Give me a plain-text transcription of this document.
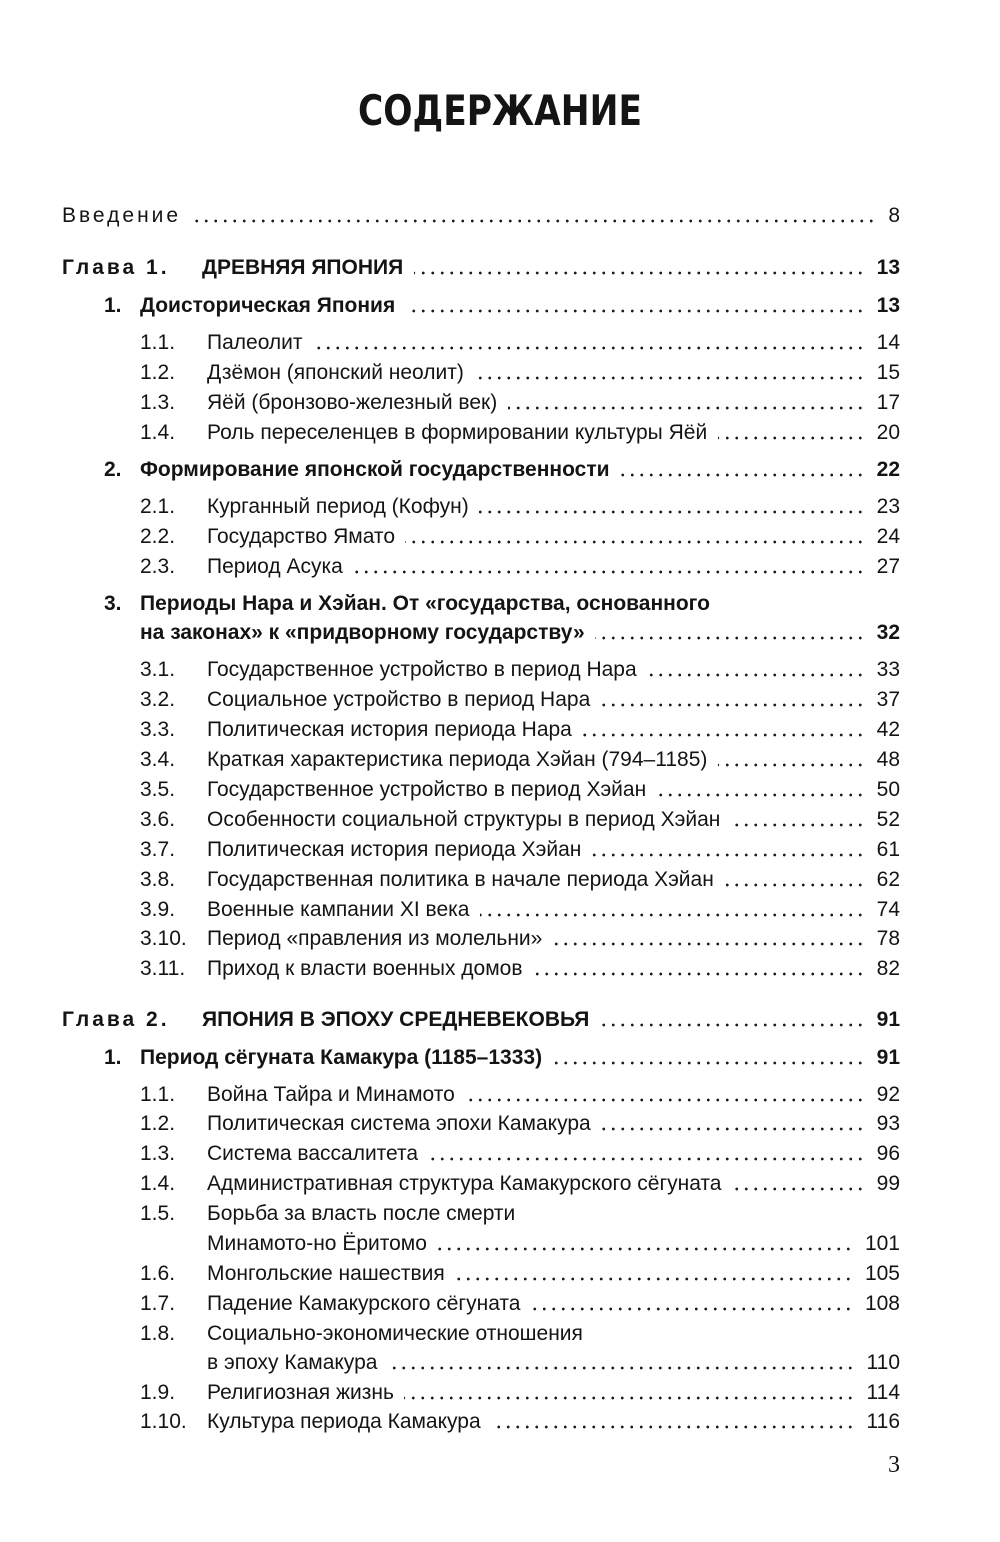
СОДЕРЖАНИЕ
Введение	8
Глава 1. ДРЕВНЯЯ ЯПОНИЯ	13
1. Доисторическая Япония	13
1.1. Палеолит	14
1.2. Дзёмон (японский неолит)	15
1.3. Яёй (бронзово-железный век)	17
1.4. Роль переселенцев в формировании культуры Яёй	20
2. Формирование японской государственности	22
2.1. Курганный период (Кофун)	23
2.2. Государство Ямато	24
2.3. Период Асука	27
3. Периоды Нара и Хэйан. От «государства, основанного
на законах» к «придворному государству»	32
3.1. Государственное устройство в период Нара	33
3.2. Социальное устройство в период Нара	37
3.3. Политическая история периода Нара	42
3.4. Краткая характеристика периода Хэйан (794–1185)	48
3.5. Государственное устройство в период Хэйан	50
3.6. Особенности социальной структуры в период Хэйан	52
3.7. Политическая история периода Хэйан	61
3.8. Государственная политика в начале периода Хэйан	62
3.9. Военные кампании XI века	74
3.10. Период «правления из молельни»	78
3.11. Приход к власти военных домов	82
Глава 2. ЯПОНИЯ В ЭПОХУ СРЕДНЕВЕКОВЬЯ	91
1. Период сёгуната Камакура (1185–1333)	91
1.1. Война Тайра и Минамото	92
1.2. Политическая система эпохи Камакура	93
1.3. Система вассалитета	96
1.4. Административная структура Камакурского сёгуната	99
1.5. Борьба за власть после смерти
Минамото-но Ёритомо	101
1.6. Монгольские нашествия	105
1.7. Падение Камакурского сёгуната	108
1.8. Социально-экономические отношения
в эпоху Камакура	110
1.9. Религиозная жизнь	114
1.10. Культура периода Камакура	116
3
